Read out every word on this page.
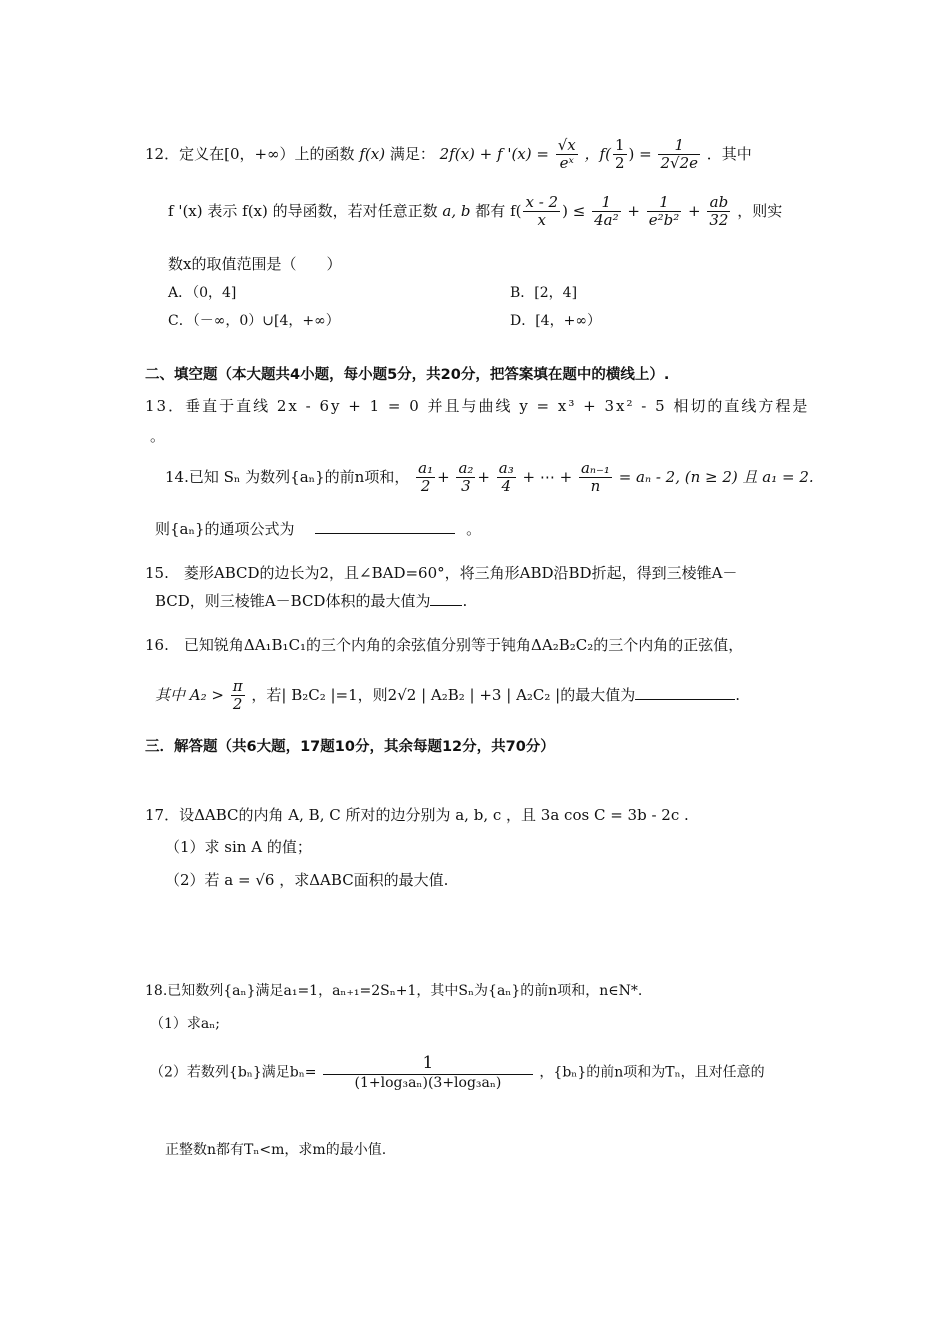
12．定义在[0，+∞）上的函数 f(x) 满足： 2f(x) + f '$(x) = \frac{√x}{\text{eˣ}}$ ，$f( \frac{1}{2}$ ) = $\frac{1}{2√2e}$ ．其中
f '(x) 表示 f(x) 的导函数，若对任意正数 a, b 都有 $f( \frac{x - 2}{x}$ ) ≤ $\frac{1}{\text{4a²}} + \frac{1}{\text{e²b²}} + \frac{ab}{32}$ ，则实
数x的取值范围是（　　）
A．（0，4]	B．[2，4]
C．（－∞，0）∪[4，+∞）	D．[4，+∞）
二、填空题（本大题共4小题，每小题5分，共20分，把答案填在题中的横线上）.
13．垂直于直线 2x - 6y + 1 = 0 并且与曲线 y = x³ + 3x² - 5 相切的直线方程是
。
14.已知 Sₙ 为数列{aₙ}的前n项和， $\frac{\text{a₁}}{2} + \frac{\text{a₂}}{3} + \frac{\text{a₃}}{4}$ + ⋯ + $\frac{\text{aₙ₋₁}}{n} = a_n - 2$, (n ≥ 2) 且 a₁ = 2.
则{aₙ}的通项公式为	。
15.　菱形ABCD的边长为2，且∠BAD=60°，将三角形ABD沿BD折起，得到三棱锥A－
BCD，则三棱锥A－BCD体积的最大值为 .
16.　已知锐角ΔA₁B₁C₁的三个内角的余弦值分别等于钝角ΔA₂B₂C₂的三个内角的正弦值，
其中 $A_2 > \frac{\pi}{2}$ ，若| B₂C₂ |=1，则2√2 | A₂B₂ | +3 | A₂C₂ |的最大值为	.
三．解答题（共6大题，17题10分，其余每题12分，共70分）
17．设ΔABC的内角 A, B, C 所对的边分别为 a, b, c ，且 3a cos C = 3b - 2c .
（1）求 sin A 的值；
（2）若 a = √6 ，求ΔABC面积的最大值.
18.已知数列{aₙ}满足a₁=1，aₙ₊₁=2Sₙ+1，其中Sₙ为{aₙ}的前n项和，n∈N*.
（1）求aₙ;
（2）若数列{bₙ}满足$b_n= \frac{1}{\text{(1+log₃aₙ)(3+log₃aₙ)}}$ ，{bₙ}的前n项和为Tₙ，且对任意的
正整数n都有Tₙ<m，求m的最小值.
